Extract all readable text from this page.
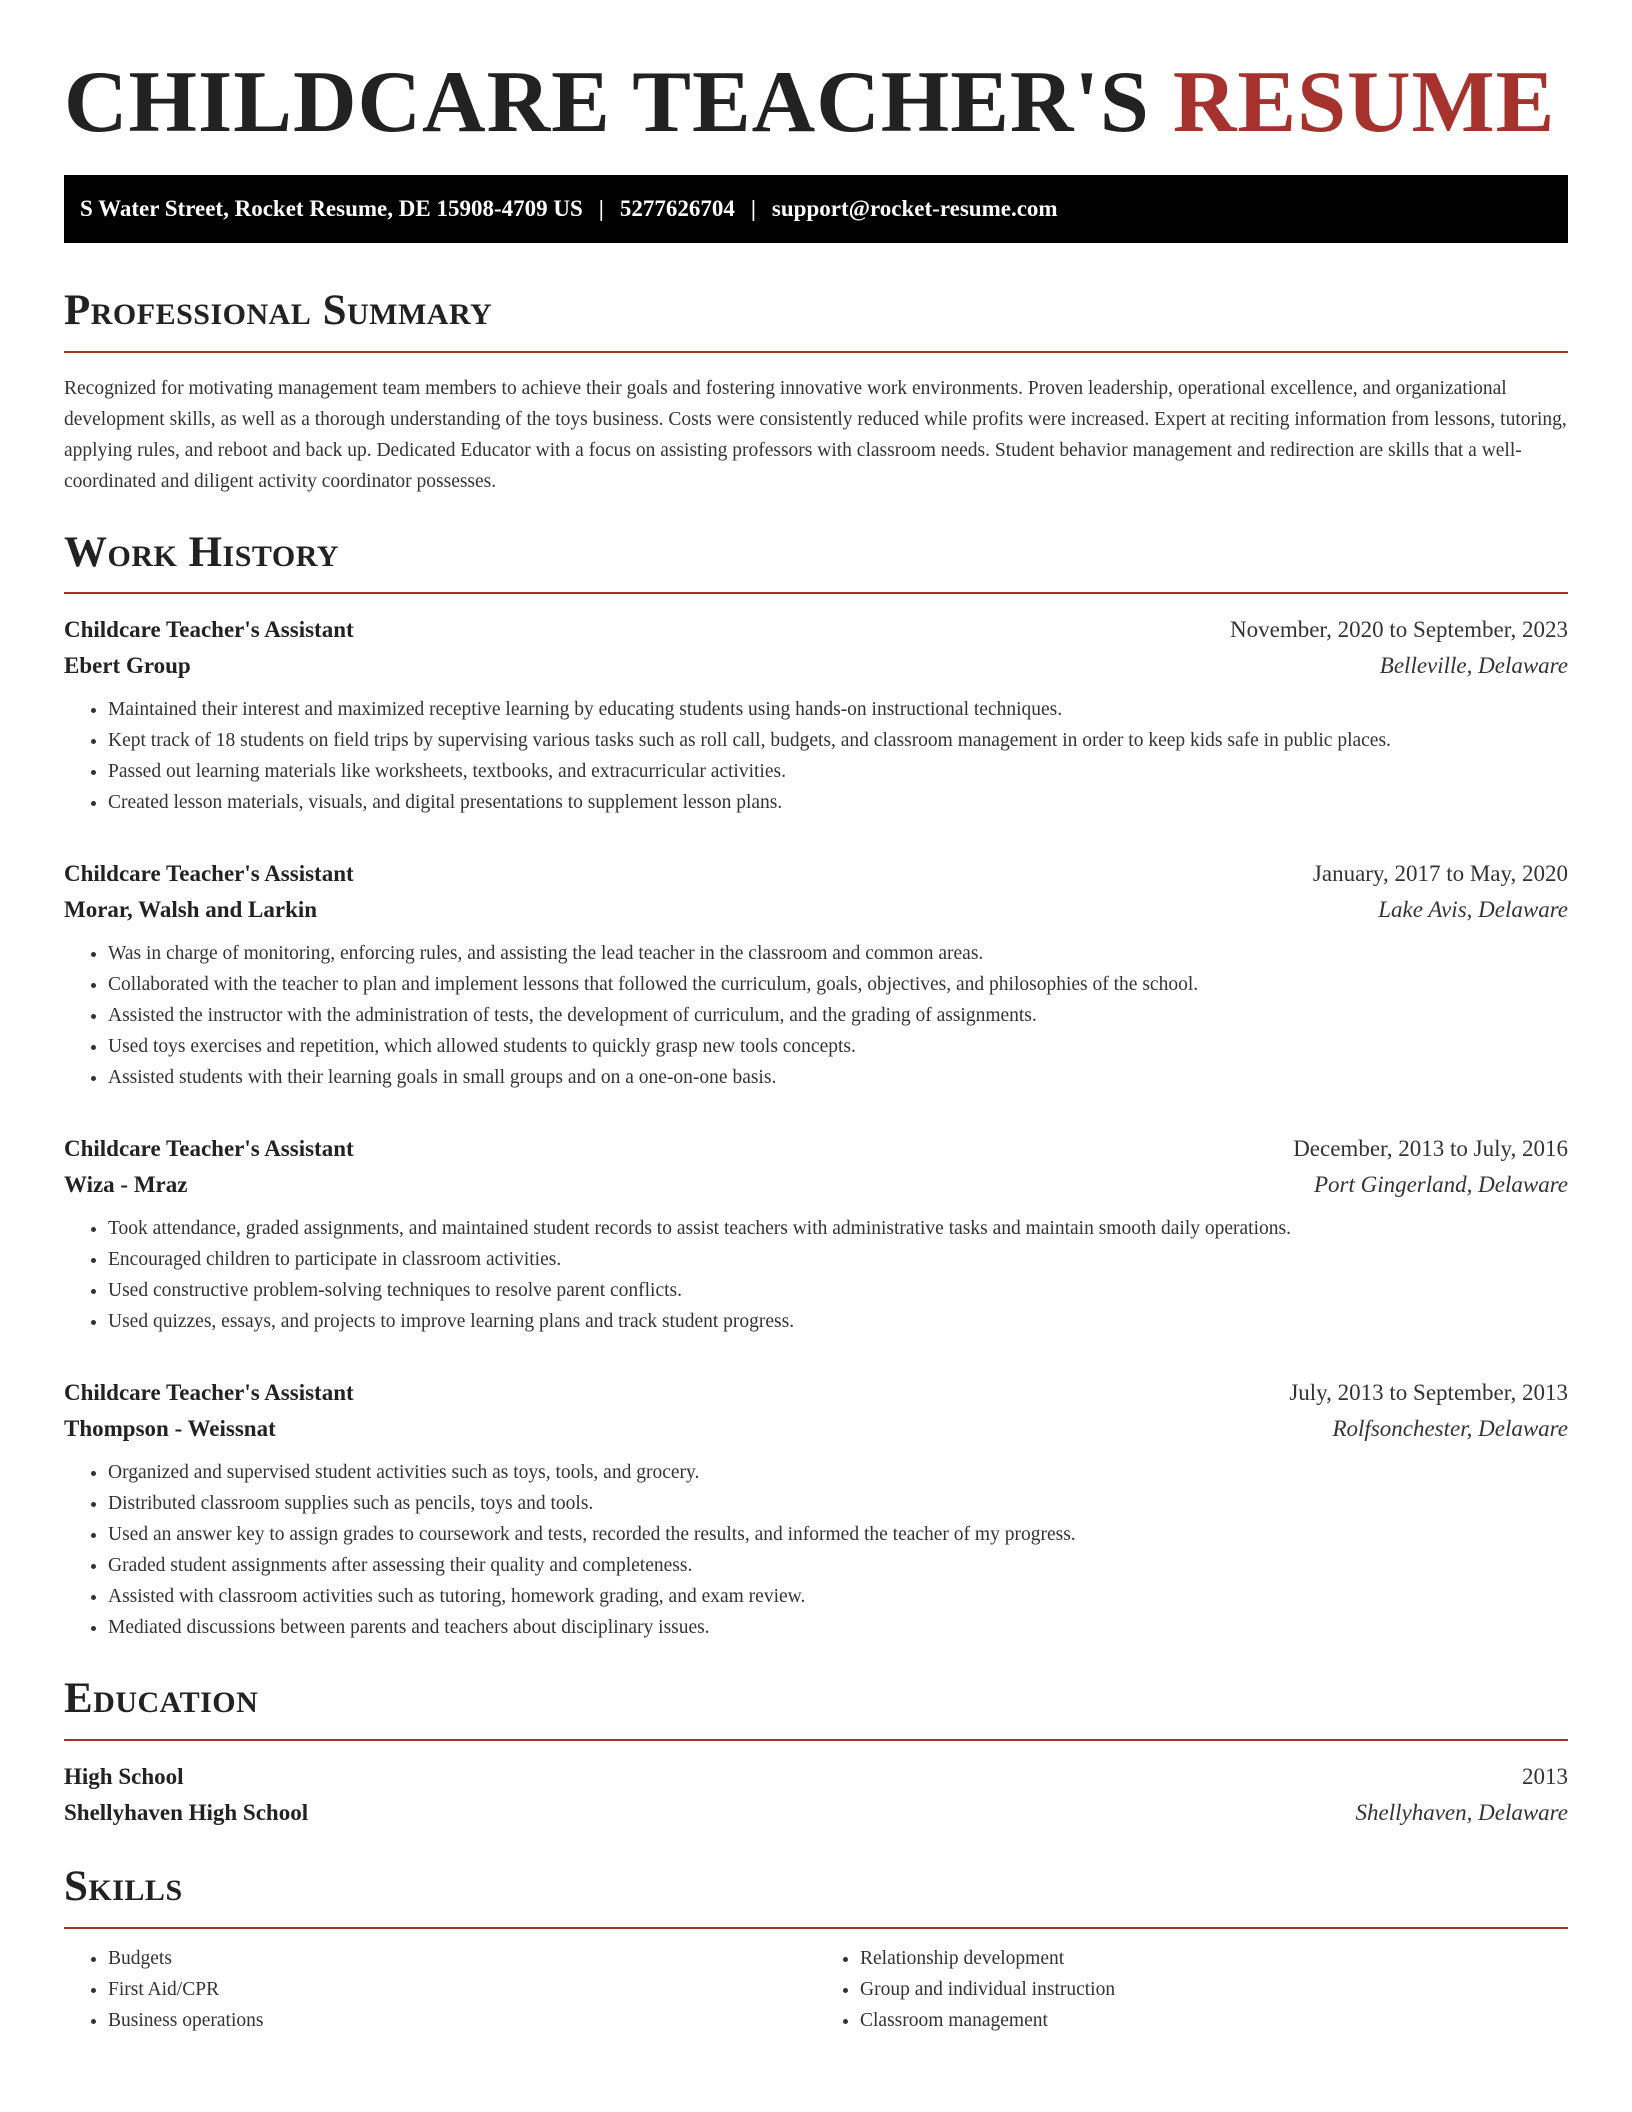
CHILDCARE TEACHER'S RESUME
S Water Street, Rocket Resume, DE 15908-4709 US | 5277626704 | support@rocket-resume.com
Professional Summary

Recognized for motivating management team members to achieve their goals and fostering innovative work environments. Proven leadership, operational excellence, and organizational development skills, as well as a thorough understanding of the toys business. Costs were consistently reduced while profits were increased. Expert at reciting information from lessons, tutoring, applying rules, and reboot and back up. Dedicated Educator with a focus on assisting professors with classroom needs. Student behavior management and redirection are skills that a well-coordinated and diligent activity coordinator possesses.

Work History
Childcare Teacher's Assistant	November, 2020 to September, 2023
Ebert Group	Belleville, Delaware
• Maintained their interest and maximized receptive learning by educating students using hands-on instructional techniques.
• Kept track of 18 students on field trips by supervising various tasks such as roll call, budgets, and classroom management in order to keep kids safe in public places.
• Passed out learning materials like worksheets, textbooks, and extracurricular activities.
• Created lesson materials, visuals, and digital presentations to supplement lesson plans.
Childcare Teacher's Assistant	January, 2017 to May, 2020
Morar, Walsh and Larkin	Lake Avis, Delaware
• Was in charge of monitoring, enforcing rules, and assisting the lead teacher in the classroom and common areas.
• Collaborated with the teacher to plan and implement lessons that followed the curriculum, goals, objectives, and philosophies of the school.
• Assisted the instructor with the administration of tests, the development of curriculum, and the grading of assignments.
• Used toys exercises and repetition, which allowed students to quickly grasp new tools concepts.
• Assisted students with their learning goals in small groups and on a one-on-one basis.
Childcare Teacher's Assistant	December, 2013 to July, 2016
Wiza - Mraz	Port Gingerland, Delaware
• Took attendance, graded assignments, and maintained student records to assist teachers with administrative tasks and maintain smooth daily operations.
• Encouraged children to participate in classroom activities.
• Used constructive problem-solving techniques to resolve parent conflicts.
• Used quizzes, essays, and projects to improve learning plans and track student progress.
Childcare Teacher's Assistant	July, 2013 to September, 2013
Thompson - Weissnat	Rolfsonchester, Delaware
• Organized and supervised student activities such as toys, tools, and grocery.
• Distributed classroom supplies such as pencils, toys and tools.
• Used an answer key to assign grades to coursework and tests, recorded the results, and informed the teacher of my progress.
• Graded student assignments after assessing their quality and completeness.
• Assisted with classroom activities such as tutoring, homework grading, and exam review.
• Mediated discussions between parents and teachers about disciplinary issues.
Education
High School	2013
Shellyhaven High School	Shellyhaven, Delaware
Skills
• Budgets
• First Aid/CPR
• Business operations
• Relationship development
• Group and individual instruction
• Classroom management
